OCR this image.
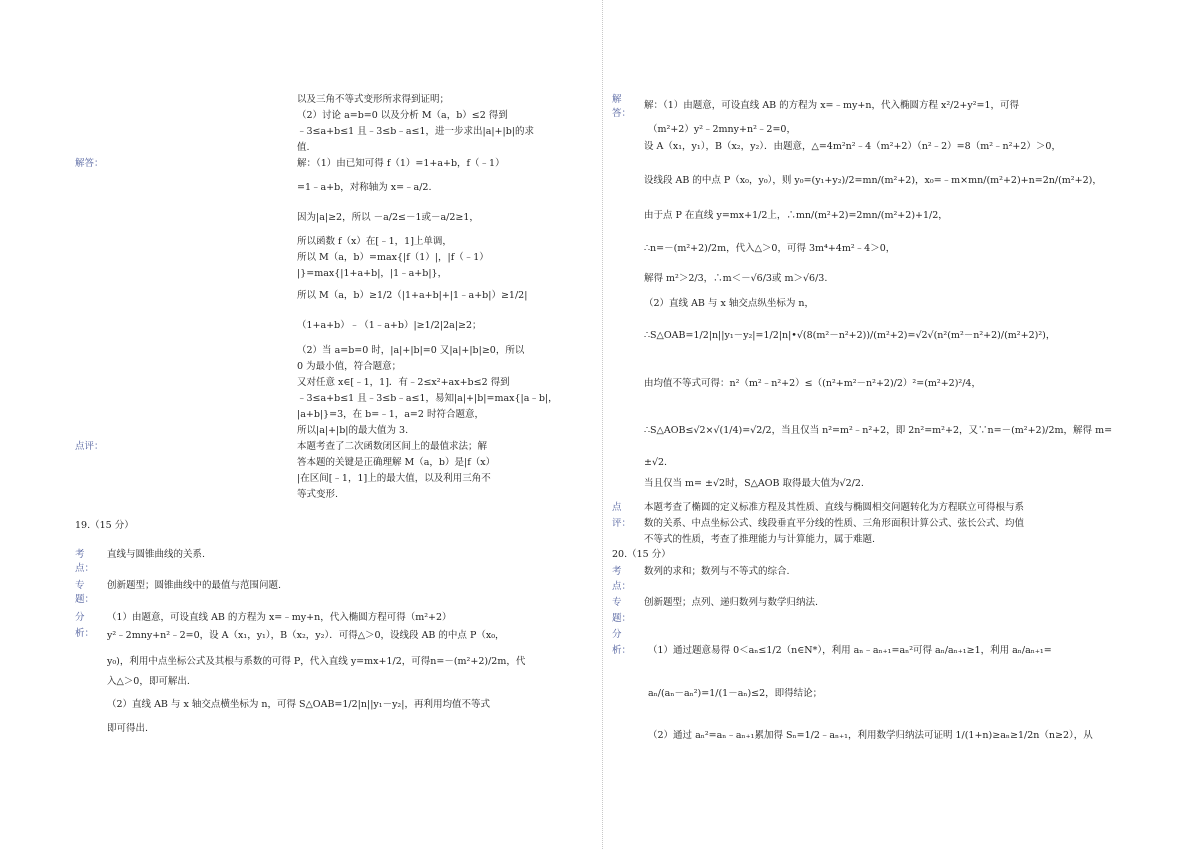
以及三角不等式变形所求得到证明；
（2）讨论 a=b=0 以及分析 M（a，b）≤2 得到
﹣3≤a+b≤1 且﹣3≤b﹣a≤1，进一步求出|a|+|b|的求
值.
解答：	解：（1）由已知可得 f（1）=1+a+b，f（﹣1）
=1﹣a+b，对称轴为 x=﹣a/2.
因为|a|≥2，所以 －a/2≤－1或－a/2≥1，
所以函数 f（x）在[﹣1，1]上单调，
所以 M（a，b）=max{|f（1）|，|f（﹣1）
|}=max{|1+a+b|，|1﹣a+b|}，
所以 M（a，b）≥1/2（|1+a+b|+|1﹣a+b|）≥1/2|
（1+a+b）﹣（1﹣a+b）|≥1/2|2a|≥2；
（2）当 a=b=0 时，|a|+|b|=0 又|a|+|b|≥0，所以
0 为最小值，符合题意；
又对任意 x∈[﹣1，1]．有﹣2≤x²+ax+b≤2 得到
﹣3≤a+b≤1 且﹣3≤b﹣a≤1，易知|a|+|b|=max{|a﹣b|，
|a+b|}=3，在 b=﹣1，a=2 时符合题意，
所以|a|+|b|的最大值为 3.
点评：	本题考查了二次函数闭区间上的最值求法；解
答本题的关键是正确理解 M（a，b）是|f（x）
|在区间[﹣1，1]上的最大值，以及利用三角不
等式变形.
19.（15 分）
考
点：
直线与圆锥曲线的关系.
专
题：
创新题型；圆锥曲线中的最值与范围问题.
分
析：
（1）由题意，可设直线 AB 的方程为 x=﹣my+n，代入椭圆方程可得（m²+2）
y²﹣2mny+n²﹣2=0，设 A（x₁，y₁），B（x₂，y₂）．可得△＞0，设线段 AB 的中点 P（x₀，
y₀)，利用中点坐标公式及其根与系数的可得 P，代入直线 y=mx+1/2，可得n=－(m²+2)/2m，代
入△＞0，即可解出.
（2）直线 AB 与 x 轴交点横坐标为 n，可得 S△OAB=1/2|n||y₁－y₂|，再利用均值不等式
即可得出.
解
答：
解：（1）由题意，可设直线 AB 的方程为 x=﹣my+n，代入椭圆方程 x²/2+y²=1，可得
（m²+2）y²﹣2mny+n²﹣2=0，
设 A（x₁，y₁），B（x₂，y₂）．由题意，△=4m²n²﹣4（m²+2）（n²﹣2）=8（m²﹣n²+2）＞0，
设线段 AB 的中点 P（x₀，y₀），则 y₀=(y₁+y₂)/2=mn/(m²+2)，x₀=﹣m×mn/(m²+2)+n=2n/(m²+2)，
由于点 P 在直线 y=mx+1/2上，∴mn/(m²+2)=2mn/(m²+2)+1/2，
∴n=－(m²+2)/2m，代入△＞0，可得 3m⁴+4m²﹣4＞0，
解得 m²＞2/3，∴m＜－√6/3或 m＞√6/3.
（2）直线 AB 与 x 轴交点纵坐标为 n，
∴S△OAB=1/2|n||y₁－y₂|=1/2|n|•√(8(m²－n²+2))/(m²+2)=√2√(n²(m²－n²+2)/(m²+2)²)，
由均值不等式可得：n²（m²﹣n²+2）≤（(n²+m²－n²+2)/2）²=(m²+2)²/4，
∴S△AOB≤√2×√(1/4)=√2/2，当且仅当 n²=m²﹣n²+2，即 2n²=m²+2，又∵n=－(m²+2)/2m，解得 m=
±√2.
当且仅当 m= ±√2时，S△AOB 取得最大值为√2/2.
点
评：
本题考查了椭圆的定义标准方程及其性质、直线与椭圆相交问题转化为方程联立可得根与系
数的关系、中点坐标公式、线段垂直平分线的性质、三角形面积计算公式、弦长公式、均值
不等式的性质，考查了推理能力与计算能力，属于难题.
20.（15 分）
考
点：
数列的求和；数列与不等式的综合.
专
题：
创新题型；点列、递归数列与数学归纳法.
分
析： （1）通过题意易得 0＜aₙ≤1/2（n∈N*），利用 aₙ﹣aₙ₊₁=aₙ²可得 aₙ/aₙ₊₁≥1，利用 aₙ/aₙ₊₁=
aₙ/(aₙ－aₙ²)=1/(1－aₙ)≤2，即得结论；
（2）通过 aₙ²=aₙ﹣aₙ₊₁累加得 Sₙ=1/2﹣aₙ₊₁，利用数学归纳法可证明 1/(1+n)≥aₙ≥1/2n（n≥2），从
